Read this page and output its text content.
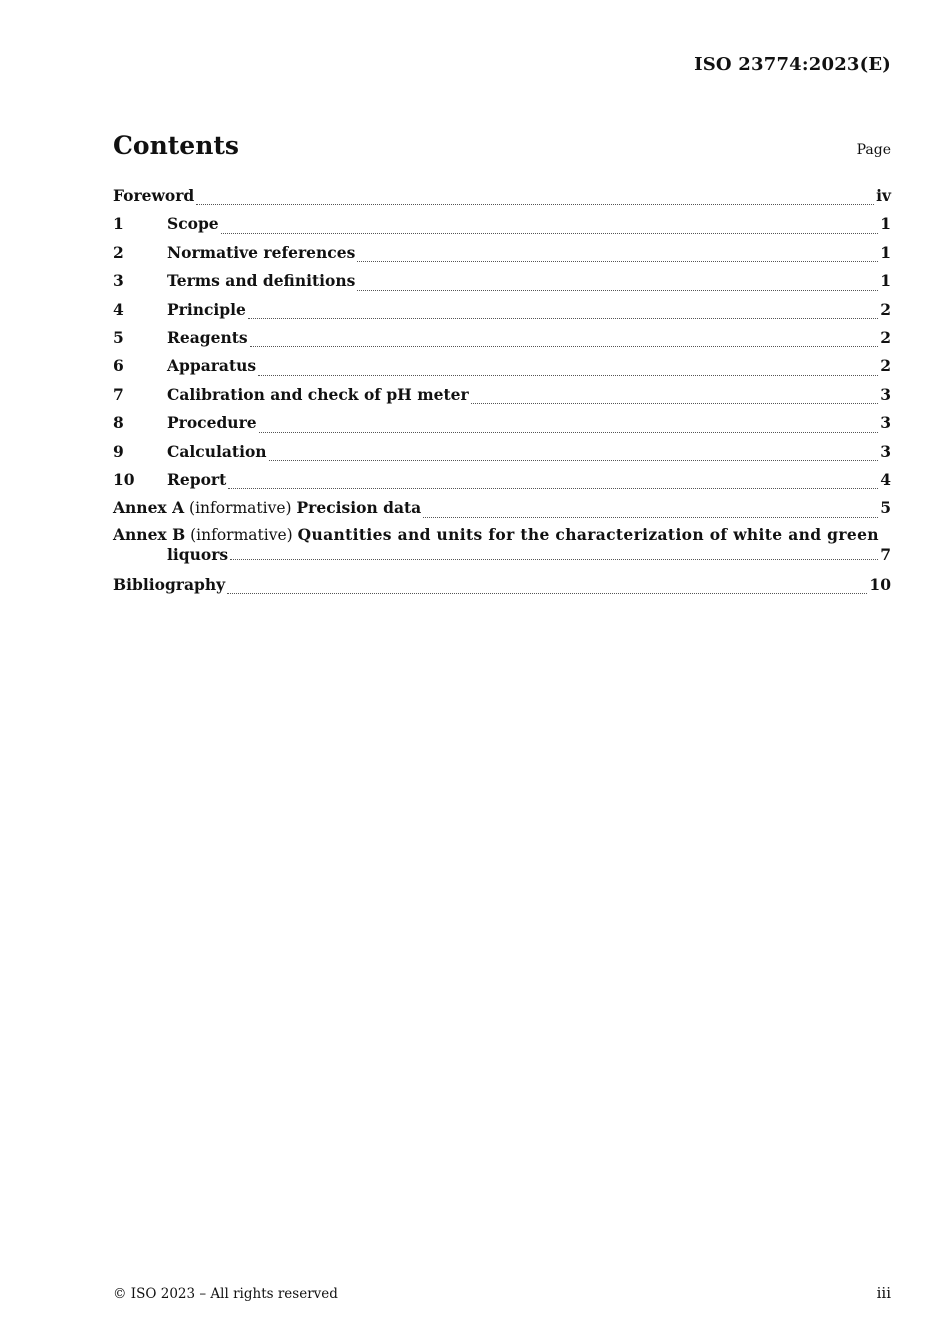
ISO 23774:2023(E)
Contents	Page
Foreword	iv
1	Scope	1
2	Normative references	1
3	Terms and definitions	1
4	Principle	2
5	Reagents	2
6	Apparatus	2
7	Calibration and check of pH meter	3
8	Procedure	3
9	Calculation	3
10	Report	4
Annex A (informative) Precision data	5
Annex B (informative) Quantities and units for the characterization of white and green
liquors	7
Bibliography	10
© ISO 2023 – All rights reserved	iii
